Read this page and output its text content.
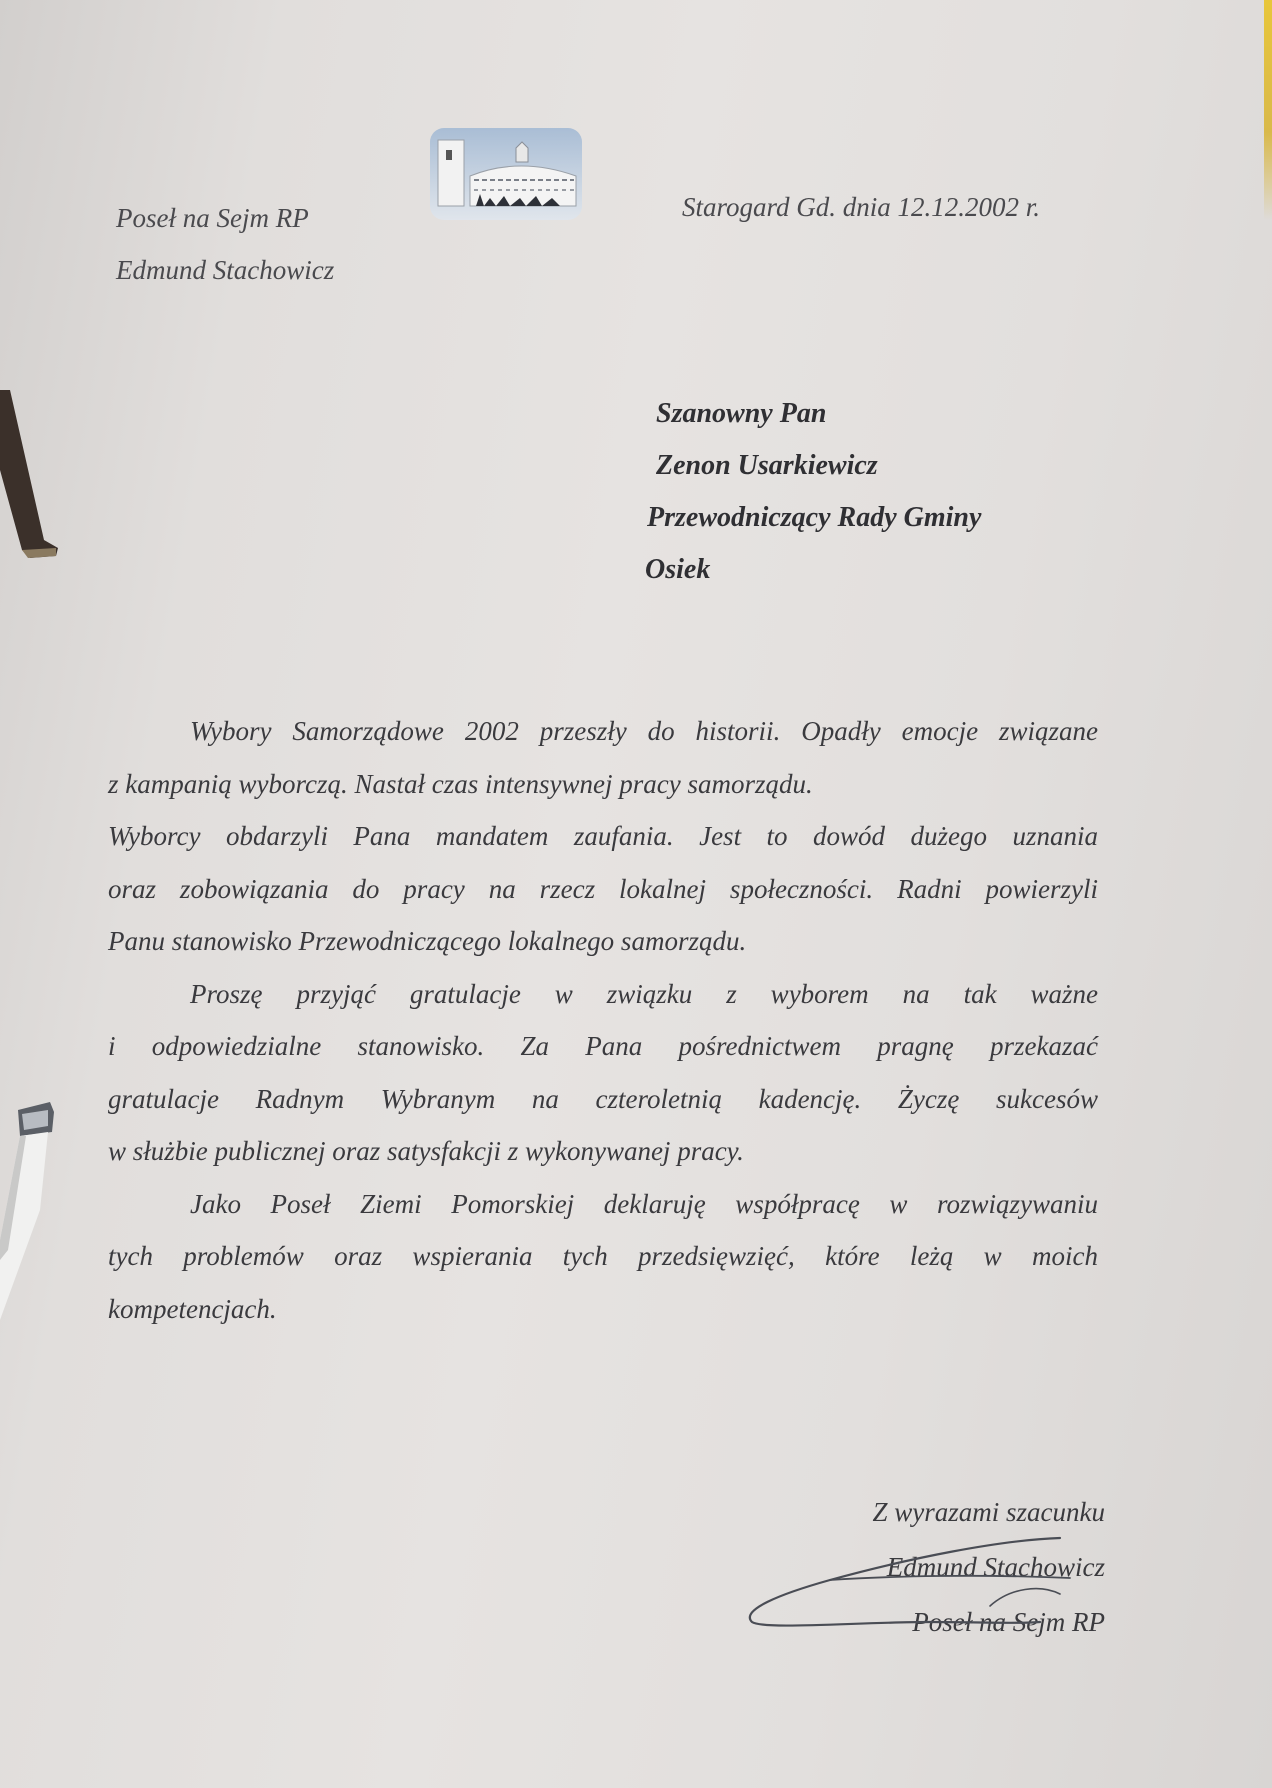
Poseł na Sejm RP
Edmund Stachowicz
Starogard Gd. dnia 12.12.2002 r.
Szanowny Pan
Zenon Usarkiewicz
Przewodniczący Rady Gminy
Osiek
Wybory Samorządowe 2002 przeszły do historii. Opadły emocje związane
z kampanią wyborczą. Nastał czas intensywnej pracy samorządu.
Wyborcy obdarzyli Pana mandatem zaufania. Jest to dowód dużego uznania
oraz zobowiązania do pracy na rzecz lokalnej społeczności. Radni powierzyli
Panu stanowisko Przewodniczącego lokalnego samorządu.
Proszę przyjąć gratulacje w związku z wyborem na tak ważne
i odpowiedzialne stanowisko. Za Pana pośrednictwem pragnę przekazać
gratulacje Radnym Wybranym na czteroletnią kadencję. Życzę sukcesów
w służbie publicznej oraz satysfakcji z wykonywanej pracy.
Jako Poseł Ziemi Pomorskiej deklaruję współpracę w rozwiązywaniu
tych problemów oraz wspierania tych przedsięwzięć, które leżą w moich
kompetencjach.
Z wyrazami szacunku
Edmund Stachowicz
Poseł na Sejm RP
